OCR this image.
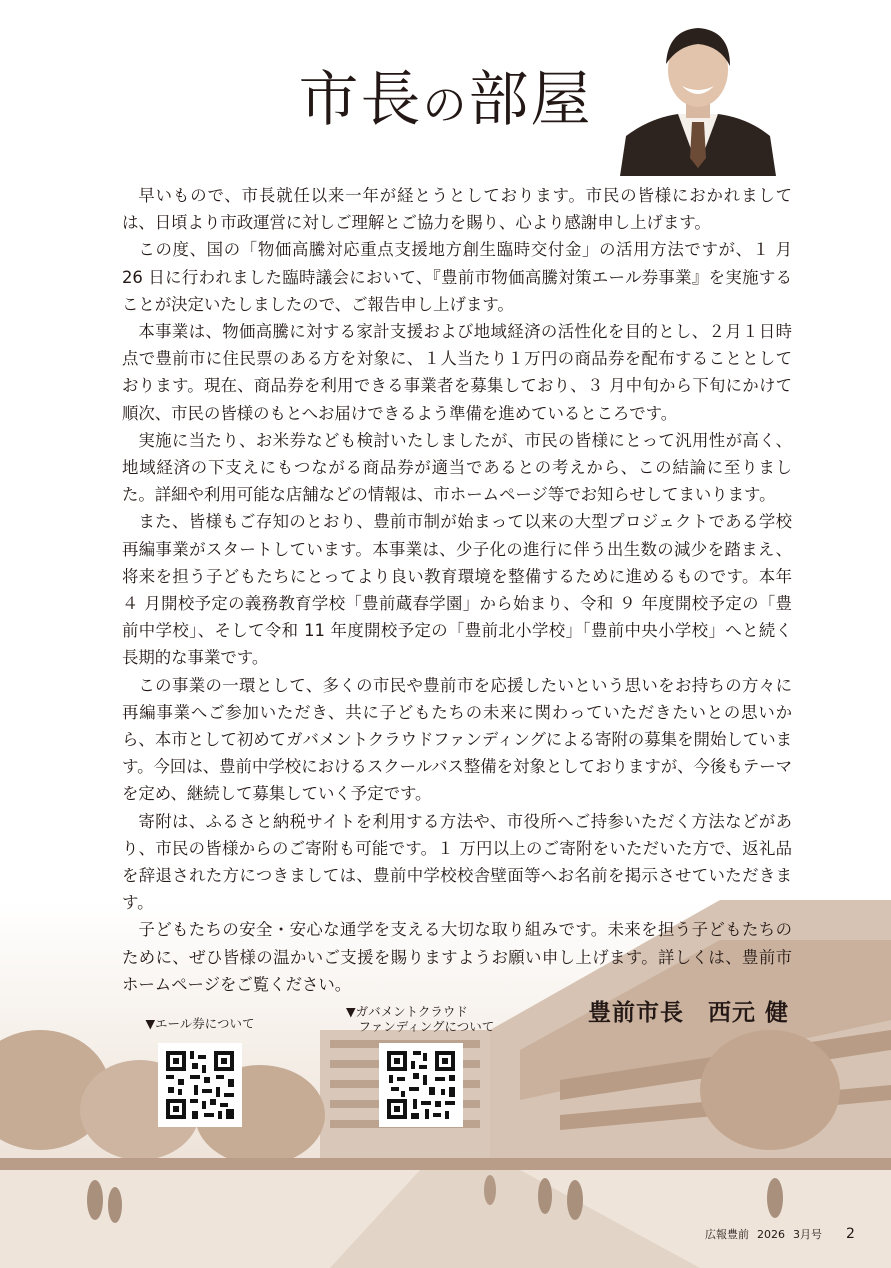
市長の部屋

早いもので、市長就任以来一年が経とうとしております。市民の皆様におかれましては、日頃より市政運営に対しご理解とご協力を賜り、心より感謝申し上げます。

この度、国の「物価高騰対応重点支援地方創生臨時交付金」の活用方法ですが、１ 月 26 日に行われました臨時議会において、『豊前市物価高騰対策エール券事業』を実施することが決定いたしましたので、ご報告申し上げます。

本事業は、物価高騰に対する家計支援および地域経済の活性化を目的とし、２月１日時点で豊前市に住民票のある方を対象に、１人当たり１万円の商品券を配布することとしております。現在、商品券を利用できる事業者を募集しており、３ 月中旬から下旬にかけて順次、市民の皆様のもとへお届けできるよう準備を進めているところです。

実施に当たり、お米券なども検討いたしましたが、市民の皆様にとって汎用性が高く、地域経済の下支えにもつながる商品券が適当であるとの考えから、この結論に至りました。詳細や利用可能な店舗などの情報は、市ホームページ等でお知らせしてまいります。

また、皆様もご存知のとおり、豊前市制が始まって以来の大型プロジェクトである学校再編事業がスタートしています。本事業は、少子化の進行に伴う出生数の減少を踏まえ、将来を担う子どもたちにとってより良い教育環境を整備するために進めるものです。本年 ４ 月開校予定の義務教育学校「豊前蔵春学園」から始まり、令和 ９ 年度開校予定の「豊前中学校」、そして令和 11 年度開校予定の「豊前北小学校」「豊前中央小学校」へと続く長期的な事業です。

この事業の一環として、多くの市民や豊前市を応援したいという思いをお持ちの方々に再編事業へご参加いただき、共に子どもたちの未来に関わっていただきたいとの思いから、本市として初めてガバメントクラウドファンディングによる寄附の募集を開始しています。今回は、豊前中学校におけるスクールバス整備を対象としておりますが、今後もテーマを定め、継続して募集していく予定です。

寄附は、ふるさと納税サイトを利用する方法や、市役所へご持参いただく方法などがあり、市民の皆様からのご寄附も可能です。１ 万円以上のご寄附をいただいた方で、返礼品を辞退された方につきましては、豊前中学校校舎壁面等へお名前を掲示させていただきます。

子どもたちの安全・安心な通学を支える大切な取り組みです。未来を担う子どもたちのために、ぜひ皆様の温かいご支援を賜りますようお願い申し上げます。詳しくは、豊前市ホームページをご覧ください。

豊前市長　西元 健
▼エール券について
▼ガバメントクラウド
　ファンディングについて
広報豊前 2026 3月号 2
